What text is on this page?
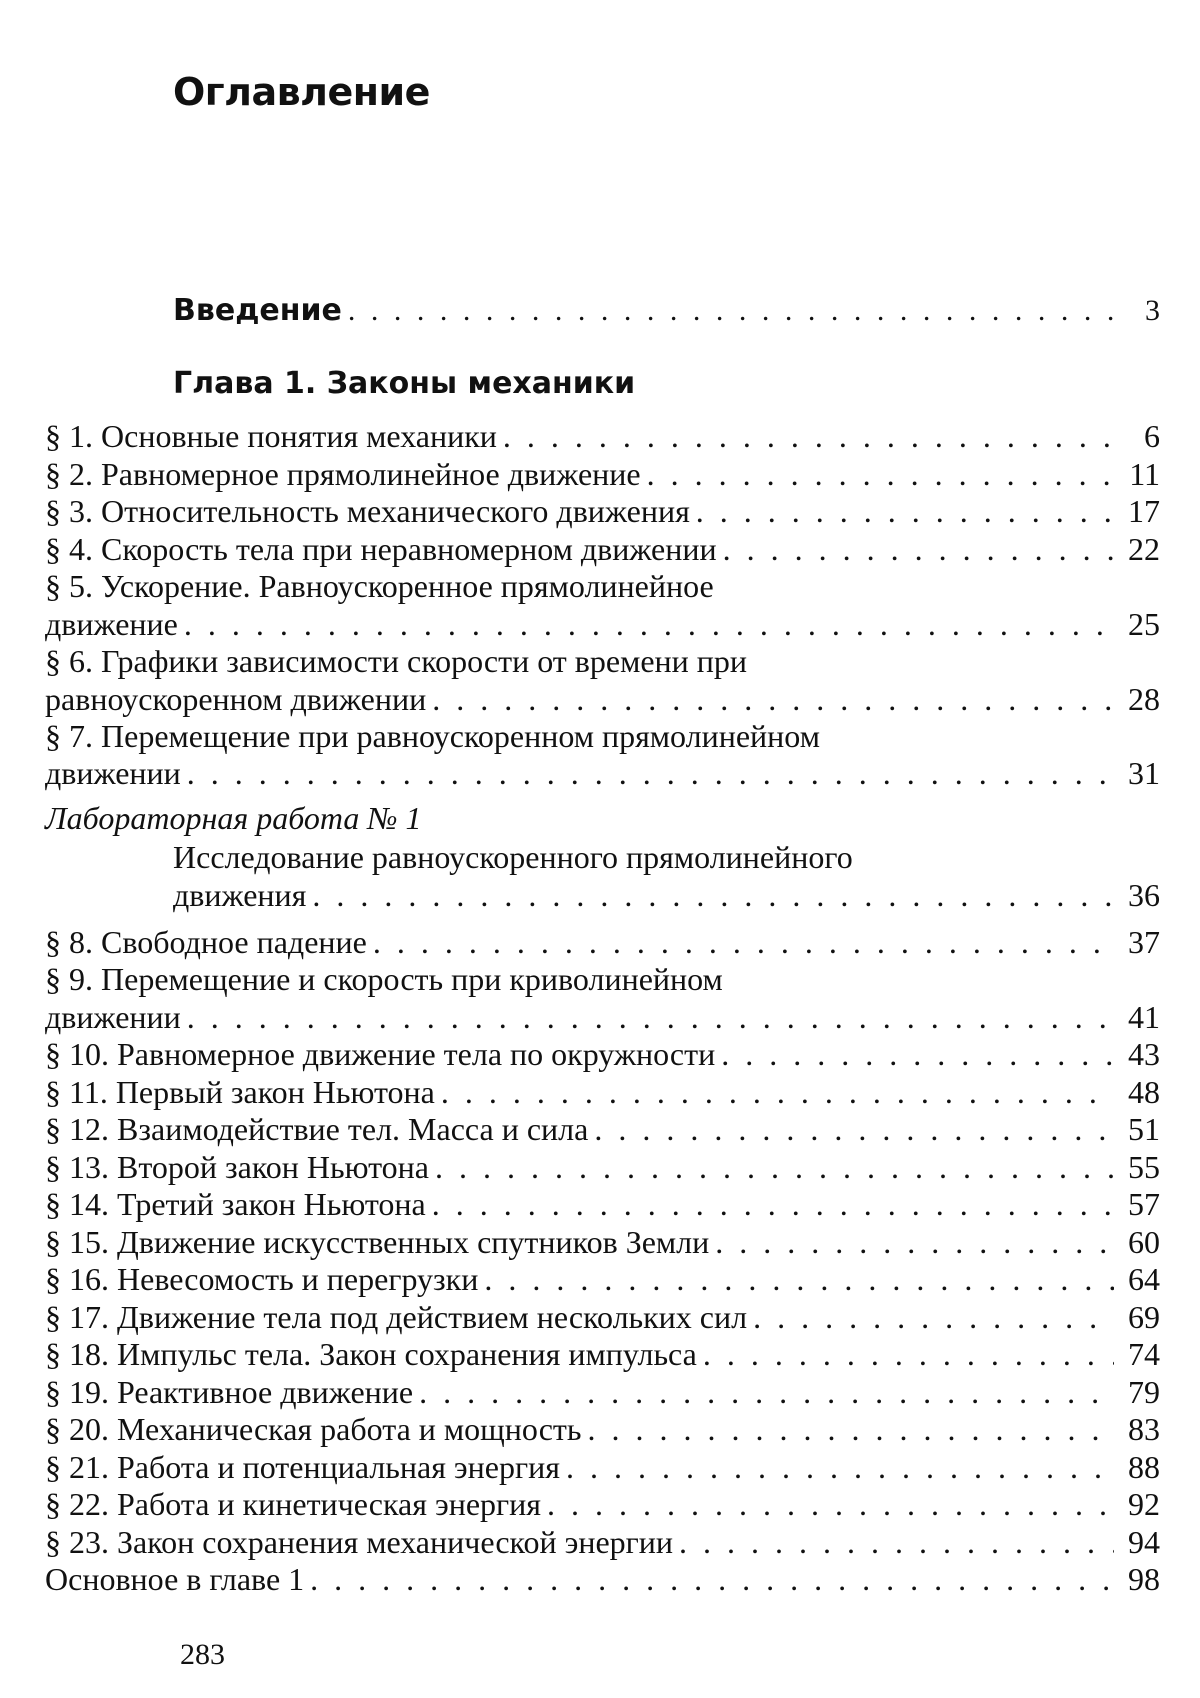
Оглавление
Введение . . .	3
Глава 1. Законы механики
§ 1. Основные понятия механики . . .	6
§ 2. Равномерное прямолинейное движение . . .	11
§ 3. Относительность механического движения . . .	17
§ 4. Скорость тела при неравномерном движении . . .	22
§ 5. Ускорение. Равноускоренное прямолинейное
движение . . .	25
§ 6. Графики зависимости скорости от времени при
равноускоренном движении . . .	28
§ 7. Перемещение при равноускоренном прямолинейном
движении . . .	31
Лабораторная работа № 1
Исследование равноускоренного прямолинейного
движения . . .	36
§ 8. Свободное падение . . .	37
§ 9. Перемещение и скорость при криволинейном
движении . . .	41
§ 10. Равномерное движение тела по окружности . . .	43
§ 11. Первый закон Ньютона . . .	48
§ 12. Взаимодействие тел. Масса и сила . . .	51
§ 13. Второй закон Ньютона . . .	55
§ 14. Третий закон Ньютона . . .	57
§ 15. Движение искусственных спутников Земли . . .	60
§ 16. Невесомость и перегрузки . . .	64
§ 17. Движение тела под действием нескольких сил . . .	69
§ 18. Импульс тела. Закон сохранения импульса . . .	74
§ 19. Реактивное движение . . .	79
§ 20. Механическая работа и мощность . . .	83
§ 21. Работа и потенциальная энергия . . .	88
§ 22. Работа и кинетическая энергия . . .	92
§ 23. Закон сохранения механической энергии . . .	94
Основное в главе 1 . . .	98
283
